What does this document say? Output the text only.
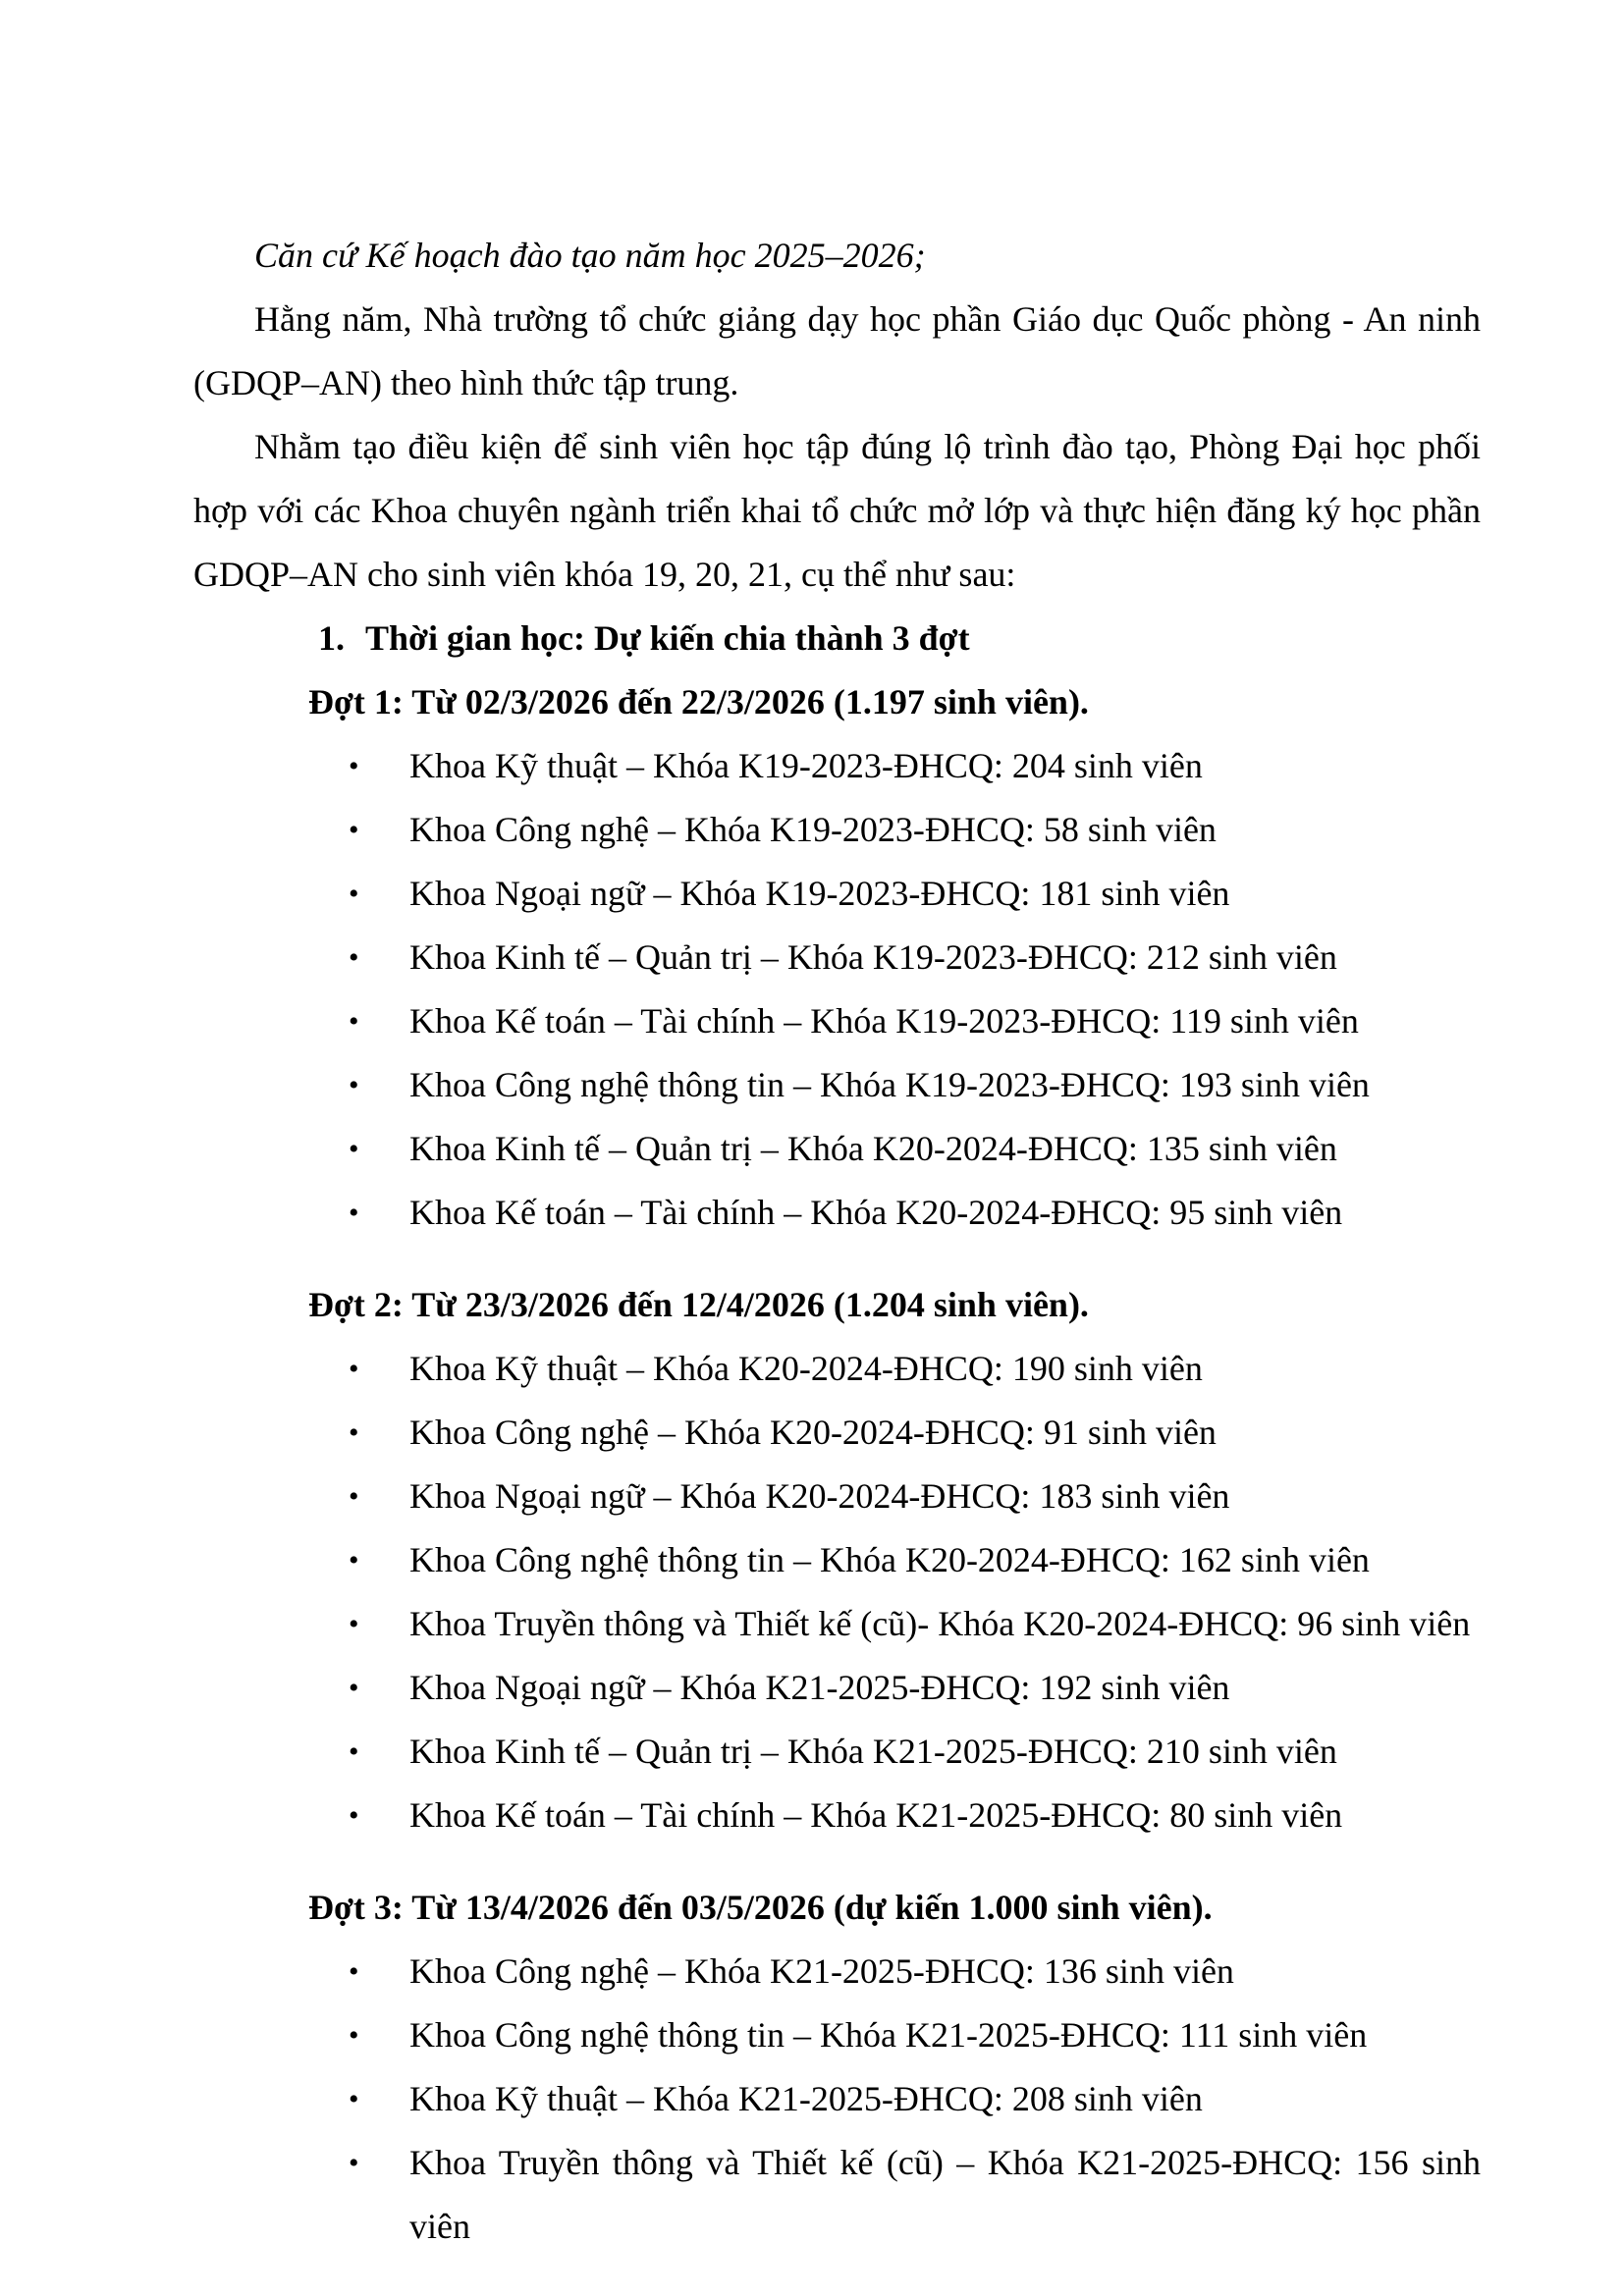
Căn cứ Kế hoạch đào tạo năm học 2025–2026;

Hằng năm, Nhà trường tổ chức giảng dạy học phần Giáo dục Quốc phòng - An ninh (GDQP–AN) theo hình thức tập trung.

Nhằm tạo điều kiện để sinh viên học tập đúng lộ trình đào tạo, Phòng Đại học phối hợp với các Khoa chuyên ngành triển khai tổ chức mở lớp và thực hiện đăng ký học phần GDQP–AN cho sinh viên khóa 19, 20, 21, cụ thể như sau:

1. Thời gian học: Dự kiến chia thành 3 đợt

Đợt 1: Từ 02/3/2026 đến 22/3/2026 (1.197 sinh viên).

• Khoa Kỹ thuật – Khóa K19-2023-ĐHCQ: 204 sinh viên
• Khoa Công nghệ – Khóa K19-2023-ĐHCQ: 58 sinh viên
• Khoa Ngoại ngữ – Khóa K19-2023-ĐHCQ: 181 sinh viên
• Khoa Kinh tế – Quản trị – Khóa K19-2023-ĐHCQ: 212 sinh viên
• Khoa Kế toán – Tài chính – Khóa K19-2023-ĐHCQ: 119 sinh viên
• Khoa Công nghệ thông tin – Khóa K19-2023-ĐHCQ: 193 sinh viên
• Khoa Kinh tế – Quản trị – Khóa K20-2024-ĐHCQ: 135 sinh viên
• Khoa Kế toán – Tài chính – Khóa K20-2024-ĐHCQ: 95 sinh viên

Đợt 2: Từ 23/3/2026 đến 12/4/2026 (1.204 sinh viên).

• Khoa Kỹ thuật – Khóa K20-2024-ĐHCQ: 190 sinh viên
• Khoa Công nghệ – Khóa K20-2024-ĐHCQ: 91 sinh viên
• Khoa Ngoại ngữ – Khóa K20-2024-ĐHCQ: 183 sinh viên
• Khoa Công nghệ thông tin – Khóa K20-2024-ĐHCQ: 162 sinh viên
• Khoa Truyền thông và Thiết kế (cũ)- Khóa K20-2024-ĐHCQ: 96 sinh viên
• Khoa Ngoại ngữ – Khóa K21-2025-ĐHCQ: 192 sinh viên
• Khoa Kinh tế – Quản trị – Khóa K21-2025-ĐHCQ: 210 sinh viên
• Khoa Kế toán – Tài chính – Khóa K21-2025-ĐHCQ: 80 sinh viên

Đợt 3: Từ 13/4/2026 đến 03/5/2026 (dự kiến 1.000 sinh viên).

• Khoa Công nghệ – Khóa K21-2025-ĐHCQ: 136 sinh viên
• Khoa Công nghệ thông tin – Khóa K21-2025-ĐHCQ: 111 sinh viên
• Khoa Kỹ thuật – Khóa K21-2025-ĐHCQ: 208 sinh viên
• Khoa Truyền thông và Thiết kế (cũ) – Khóa K21-2025-ĐHCQ: 156 sinh viên
